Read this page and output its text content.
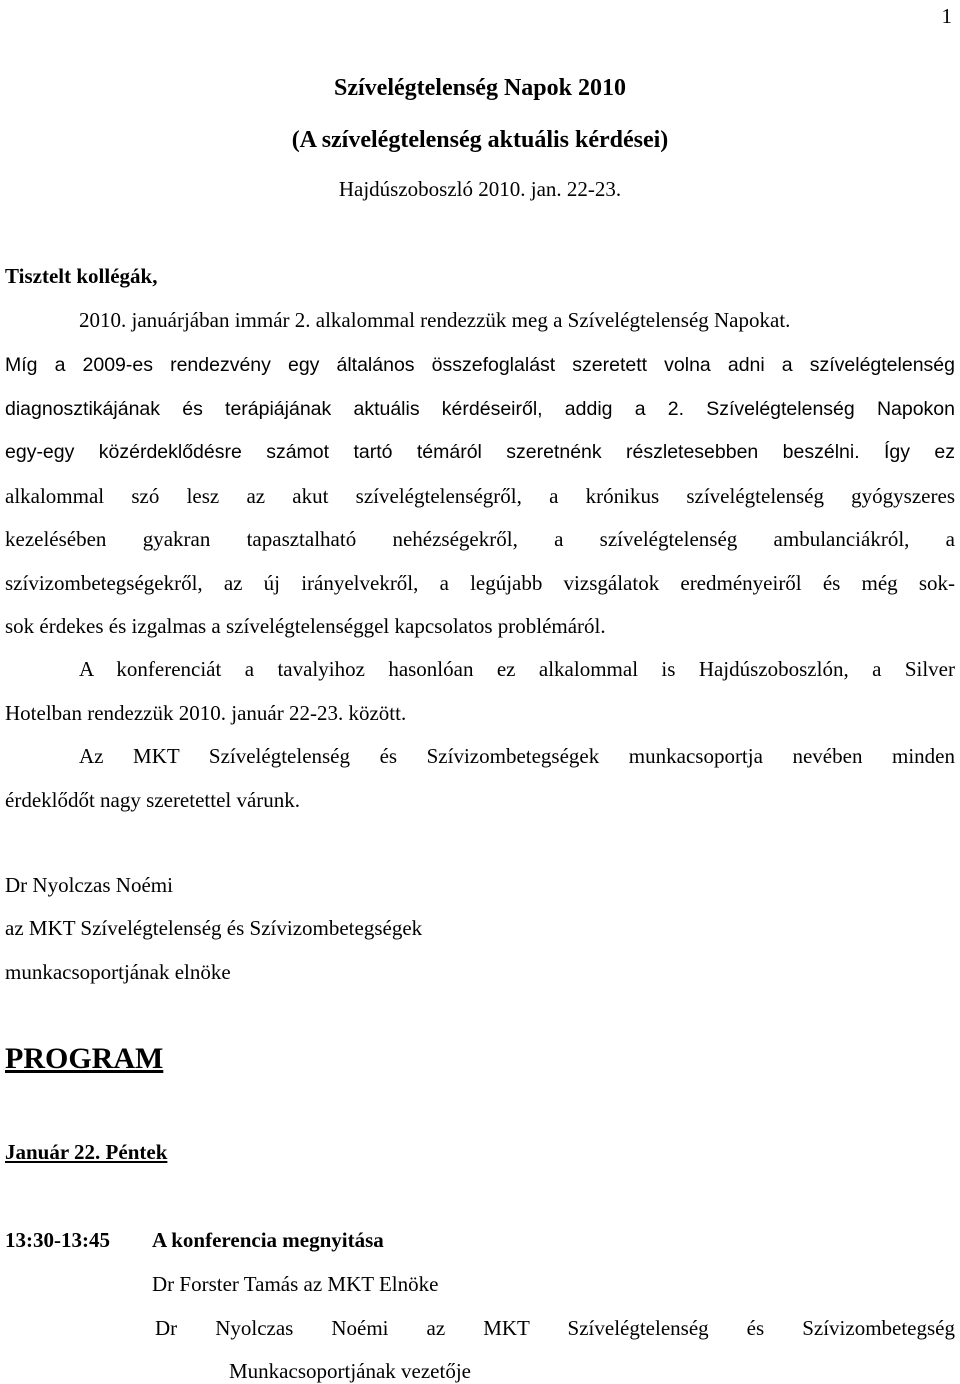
1
Szívelégtelenség Napok 2010
(A szívelégtelenség aktuális kérdései)
Hajdúszoboszló 2010. jan. 22-23.
Tisztelt kollégák,
2010. januárjában immár 2. alkalommal rendezzük meg a Szívelégtelenség Napokat.
Míg a 2009-es rendezvény egy általános összefoglalást szeretett volna adni a szívelégtelenség
diagnosztikájának és terápiájának aktuális kérdéseiről, addig a 2. Szívelégtelenség Napokon
egy-egy közérdeklődésre számot tartó témáról szeretnénk részletesebben beszélni. Így ez
alkalommal szó lesz az akut szívelégtelenségről, a krónikus szívelégtelenség gyógyszeres
kezelésében gyakran tapasztalható nehézségekről, a szívelégtelenség ambulanciákról, a
szívizombetegségekről, az új irányelvekről, a legújabb vizsgálatok eredményeiről és még sok-
sok érdekes és izgalmas a szívelégtelenséggel kapcsolatos problémáról.
A konferenciát a tavalyihoz hasonlóan ez alkalommal is Hajdúszoboszlón, a Silver
Hotelban rendezzük 2010. január 22-23. között.
Az MKT Szívelégtelenség és Szívizombetegségek munkacsoportja nevében minden
érdeklődőt nagy szeretettel várunk.
Dr Nyolczas Noémi
az MKT Szívelégtelenség és Szívizombetegségek
munkacsoportjának elnöke
PROGRAM
Január 22. Péntek
13:30-13:45 A konferencia megnyitása
Dr Forster Tamás az MKT Elnöke
Dr Nyolczas Noémi az MKT Szívelégtelenség és Szívizombetegség
Munkacsoportjának vezetője
